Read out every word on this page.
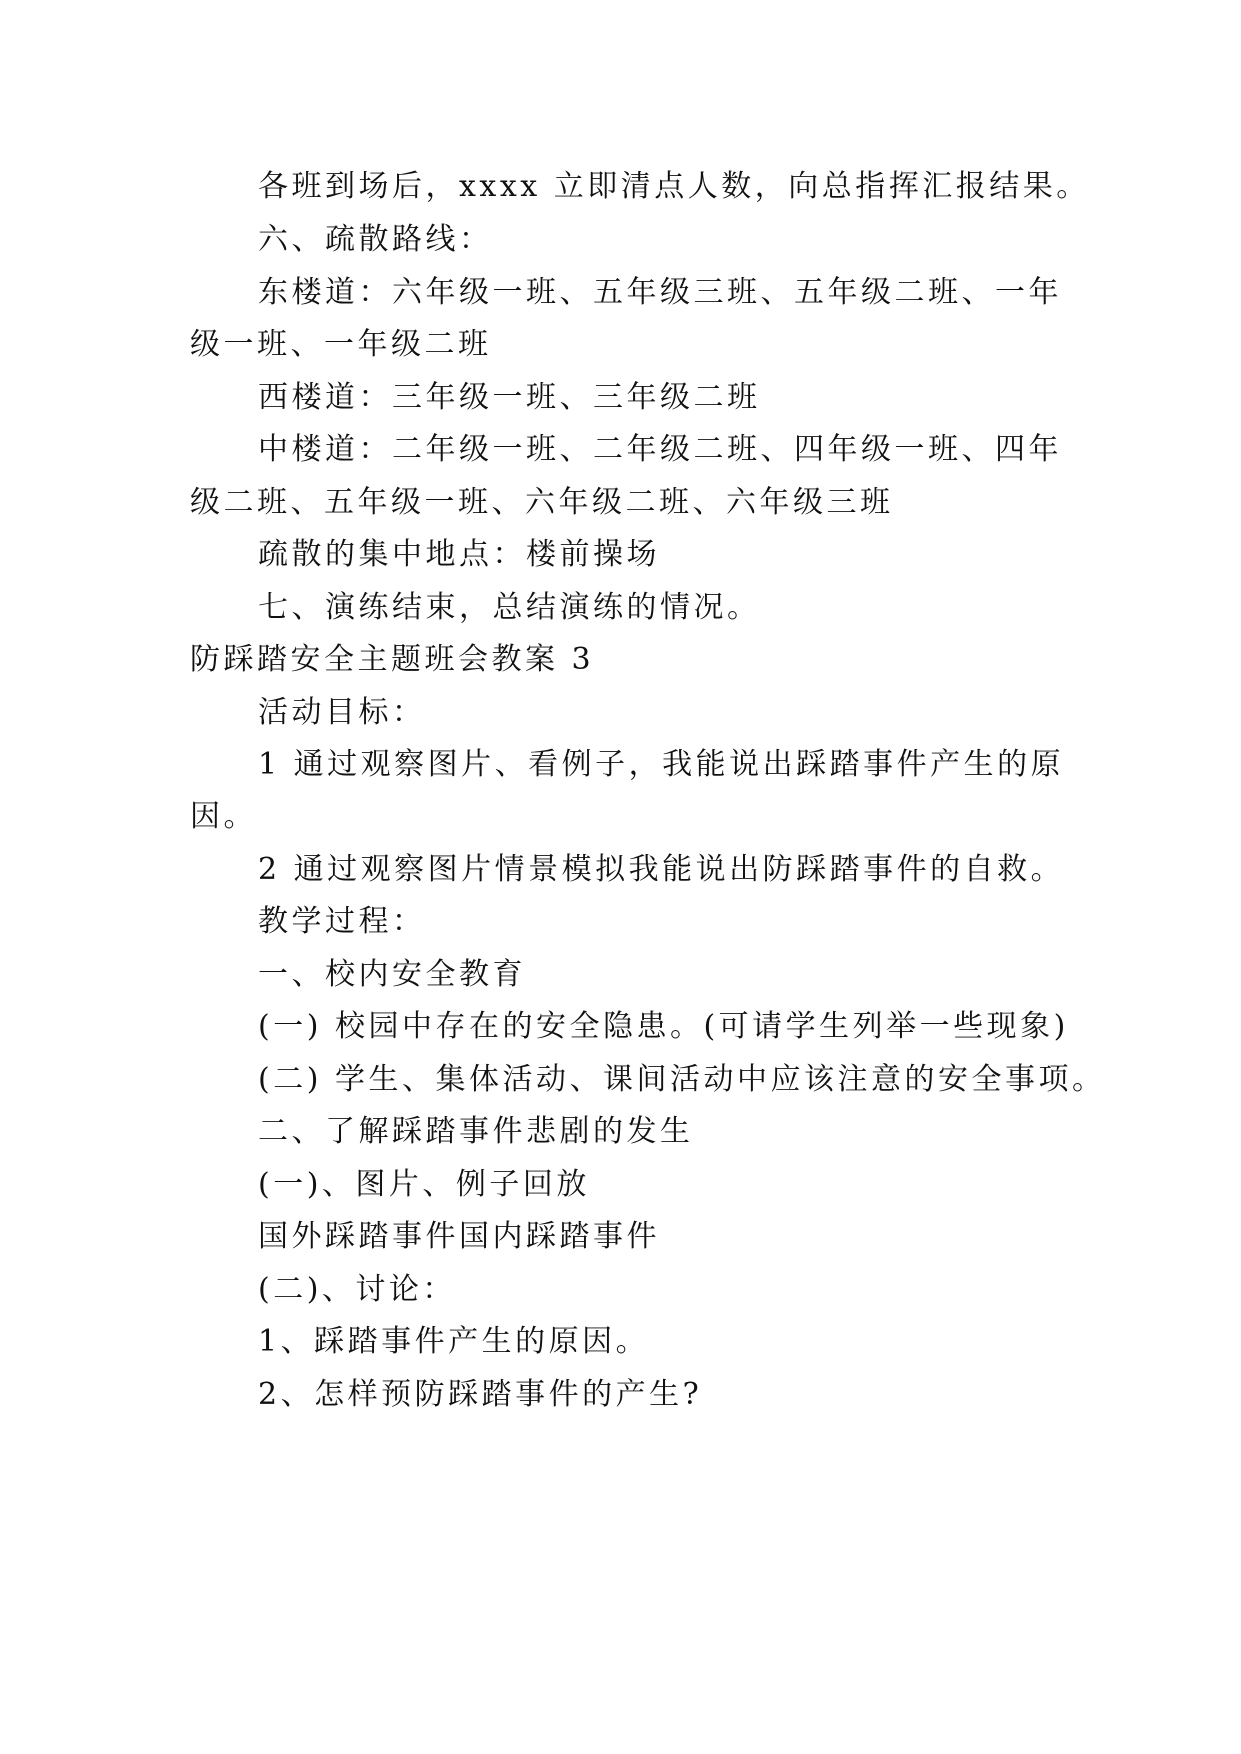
各班到场后，xxxx 立即清点人数，向总指挥汇报结果。

六、疏散路线：

东楼道：六年级一班、五年级三班、五年级二班、一年

级一班、一年级二班

西楼道：三年级一班、三年级二班

中楼道：二年级一班、二年级二班、四年级一班、四年

级二班、五年级一班、六年级二班、六年级三班

疏散的集中地点：楼前操场

七、演练结束，总结演练的情况。

防踩踏安全主题班会教案 3

活动目标：

1 通过观察图片、看例子，我能说出踩踏事件产生的原

因。

2 通过观察图片情景模拟我能说出防踩踏事件的自救。

教学过程：

一、校内安全教育

(一) 校园中存在的安全隐患。(可请学生列举一些现象)

(二) 学生、集体活动、课间活动中应该注意的安全事项。

二、了解踩踏事件悲剧的发生

(一)、图片、例子回放

国外踩踏事件国内踩踏事件

(二)、讨论：

1、踩踏事件产生的原因。

2、怎样预防踩踏事件的产生?
